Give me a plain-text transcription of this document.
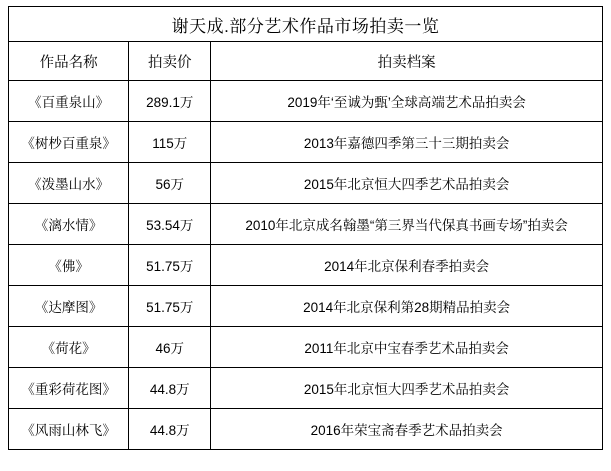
谢天成.部分艺术作品市场拍卖一览		
作品名称	拍卖价	拍卖档案
《百重泉山》	289.1万	2019年‘至诚为甄’全球高端艺术品拍卖会
《树杪百重泉》	115万	2013年嘉德四季第三十三期拍卖会
《泼墨山水》	56万	2015年北京恒大四季艺术品拍卖会
《漓水情》	53.54万	2010年北京成名翰墨“第三界当代保真书画专场”拍卖会
《佛》	51.75万	2014年北京保利春季拍卖会
《达摩图》	51.75万	2014年北京保利第28期精品拍卖会
《荷花》	46万	2011年北京中宝春季艺术品拍卖会
《重彩荷花图》	44.8万	2015年北京恒大四季艺术品拍卖会
《风雨山林飞》	44.8万	2016年荣宝斋春季艺术品拍卖会
